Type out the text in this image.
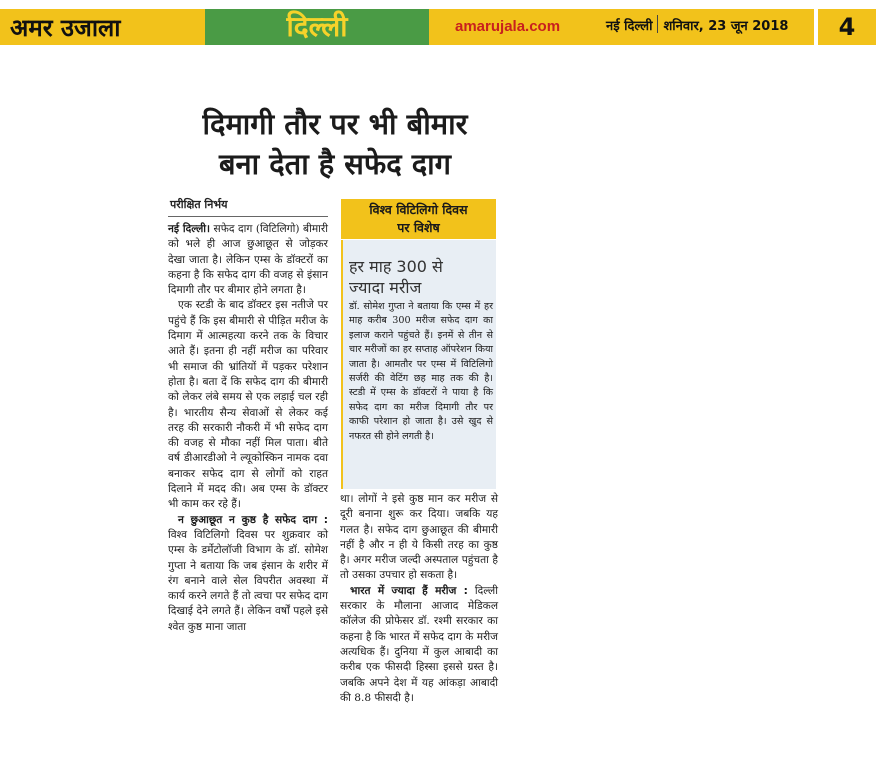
अमर उजाला	दिल्ली	amarujala.com	नई दिल्ली शनिवार, 23 जून 2018	4
दिमागी तौर पर भी बीमार
बना देता है सफेद दाग
परीक्षित निर्भय

नई दिल्ली। सफेद दाग (विटिलिगो) बीमारी को भले ही आज छुआछूत से जोड़कर देखा जाता है। लेकिन एम्स के डॉक्टरों का कहना है कि सफेद दाग की वजह से इंसान दिमागी तौर पर बीमार होने लगता है।

एक स्टडी के बाद डॉक्टर इस नतीजे पर पहुंचे हैं कि इस बीमारी से पीड़ित मरीज के दिमाग में आत्महत्या करने तक के विचार आते हैं। इतना ही नहीं मरीज का परिवार भी समाज की भ्रांतियों में पड़कर परेशान होता है। बता दें कि सफेद दाग की बीमारी को लेकर लंबे समय से एक लड़ाई चल रही है। भारतीय सैन्य सेवाओं से लेकर कई तरह की सरकारी नौकरी में भी सफेद दाग की वजह से मौका नहीं मिल पाता। बीते वर्ष डीआरडीओ ने ल्यूकोस्किन नामक दवा बनाकर सफेद दाग से लोगों को राहत दिलाने में मदद की। अब एम्स के डॉक्टर भी काम कर रहे हैं।

न छुआछूत न कुष्ठ है सफेद दाग : विश्व विटिलिगो दिवस पर शुक्रवार को एम्स के डर्मेटोलॉजी विभाग के डॉ. सोमेश गुप्ता ने बताया कि जब इंसान के शरीर में रंग बनाने वाले सेल विपरीत अवस्था में कार्य करने लगते हैं तो त्वचा पर सफेद दाग दिखाई देने लगते हैं। लेकिन वर्षों पहले इसे श्वेत कुष्ठ माना जाता

विश्व विटिलिगो दिवस
पर विशेष

हर माह 300 से
ज्यादा मरीज

डॉ. सोमेश गुप्ता ने बताया कि एम्स में हर माह करीब 300 मरीज सफेद दाग का इलाज कराने पहुंचते हैं। इनमें से तीन से चार मरीजों का हर सप्ताह ऑपरेशन किया जाता है। आमतौर पर एम्स में विटिलिगो सर्जरी की वेटिंग छह माह तक की है। स्टडी में एम्स के डॉक्टरों ने पाया है कि सफेद दाग का मरीज दिमागी तौर पर काफी परेशान हो जाता है। उसे खुद से नफरत सी होने लगती है।

था। लोगों ने इसे कुष्ठ मान कर मरीज से दूरी बनाना शुरू कर दिया। जबकि यह गलत है। सफेद दाग छुआछूत की बीमारी नहीं है और न ही ये किसी तरह का कुष्ठ है। अगर मरीज जल्दी अस्पताल पहुंचता है तो उसका उपचार हो सकता है।

भारत में ज्यादा हैं मरीज : दिल्ली सरकार के मौलाना आजाद मेडिकल कॉलेज की प्रोफेसर डॉ. रश्मी सरकार का कहना है कि भारत में सफेद दाग के मरीज अत्यधिक हैं। दुनिया में कुल आबादी का करीब एक फीसदी हिस्सा इससे ग्रस्त है। जबकि अपने देश में यह आंकड़ा आबादी की 8.8 फीसदी है।
